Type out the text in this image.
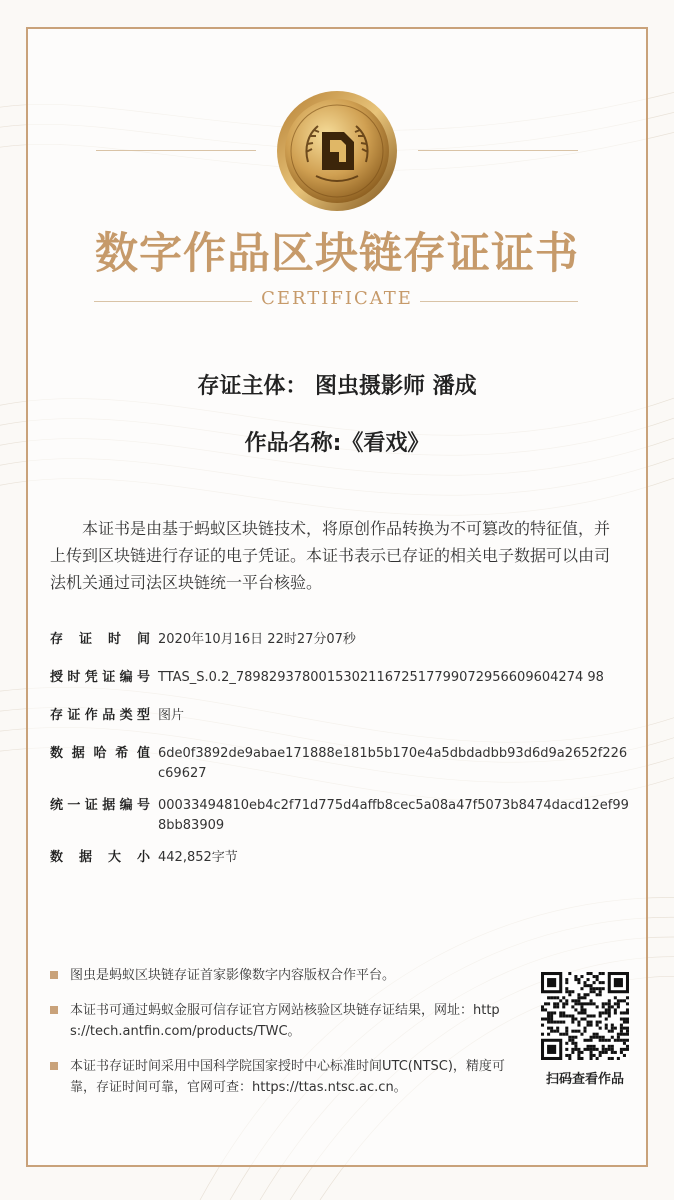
数字作品区块链存证证书
CERTIFICATE
存证主体： 图虫摄影师 潘成
作品名称:《看戏》
本证书是由基于蚂蚁区块链技术，将原创作品转换为不可篡改的特征值，并上传到区块链进行存证的电子凭证。本证书表示已存证的相关电子数据可以由司法机关通过司法区块链统一平台核验。
存证时间 2020年10月16日 22时27分07秒
授时凭证编号 TTAS_S.0.2_789829378001530211672517799072956609604274 98
存证作品类型 图片
数据哈希值 6de0f3892de9abae171888e181b5b170e4a5dbdadbb93d6d9a2652f226c69627
统一证据编号 00033494810eb4c2f71d775d4affb8cec5a08a47f5073b8474dacd12ef998bb83909
数据大小 442,852字节
图虫是蚂蚁区块链存证首家影像数字内容版权合作平台。
本证书可通过蚂蚁金服可信存证官方网站核验区块链存证结果，网址：https://tech.antfin.com/products/TWC。
本证书存证时间采用中国科学院国家授时中心标准时间UTC(NTSC)，精度可靠，存证时间可靠，官网可查：https://ttas.ntsc.ac.cn。
扫码查看作品
